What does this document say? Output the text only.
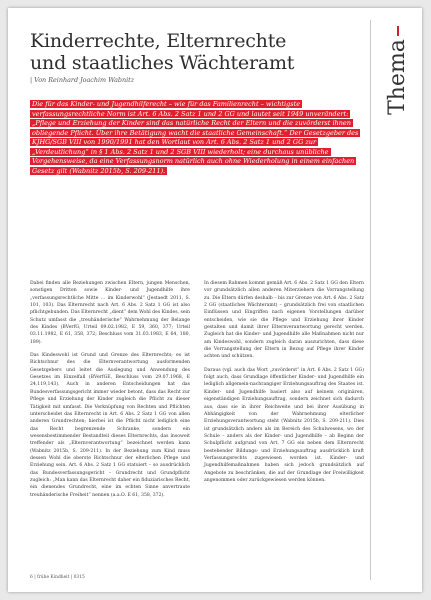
Kinderrechte, Elternrechte
und staatliches Wächteramt
| Von Reinhard Joachim Wabnitz	Thema
Die für das Kinder- und Jugendhilferecht – wie für das Familienrecht – wichtigste verfassungsrechtliche Norm ist Art. 6 Abs. 2 Satz 1 und 2 GG und lautet seit 1949 unverändert: „Pflege und Erziehung der Kinder sind das natürliche Recht der Eltern und die zuvörderst ihnen obliegende Pflicht. Über ihre Betätigung wacht die staatliche Gemeinschaft.“ Der Gesetzgeber des KJHG/SGB VIII von 1990/1991 hat den Wortlaut von Art. 6 Abs. 2 Satz 1 und 2 GG zur „Verdeutlichung“ in § 1 Abs. 2 Satz 1 und 2 SGB VIII wiederholt; eine durchaus unübliche Vorgehensweise, da eine Verfassungsnorm natürlich auch ohne Wiederholung in einem einfachen Gesetz gilt (Wabnitz 2015b, S. 209-211).

Dabei finden alle Beziehungen zwischen Eltern, jungen Menschen, sonstigen Dritten sowie Kinder- und Jugendhilfe ihre „verfassungsrechtliche Mitte … im Kinderwohl“ (Jestaedt 2011, S. 101, 103). Das Elternrecht nach Art. 6 Abs. 2 Satz 1 GG ist also pflichtgebunden. Das Elternrecht „dient“ dem Wohl des Kindes, sein Schutz umfasst die „treuhänderische“ Wahrnehmung der Belange des Kindes (BVerfG, Urteil 09.02.1982, E 59, 360, 377; Urteil 03.11.1982, E 61, 358, 372; Beschluss vom 31.03.1983, E 64, 180, 189).

Das Kindeswohl ist Grund und Grenze des Elternrechts; es ist Richtschnur des die Elternverantwortung ausformenden Gesetzgebers und leitet die Auslegung und Anwendung des Gesetzes im Einzelfall (BVerfGE, Beschluss vom 29.07.1968, E 24,119,143). Auch in anderen Entscheidungen hat das Bundesverfassungsgericht immer wieder betont, dass das Recht zur Pflege und Erziehung der Kinder zugleich die Pflicht zu dieser Tätigkeit mit umfasst. Die Verknüpfung von Rechten und Pflichten unterscheidet das Elternrecht in Art. 6 Abs. 2 Satz 1 GG von allen anderen Grundrechten; hierbei ist die Pflicht nicht lediglich eine das Recht begrenzende Schranke, sondern ein wesensbestimmender Bestandteil dieses Elternrechts, das insoweit treffender als „Elternverantwortung“ bezeichnet werden kann (Wabnitz 2015b, S. 209-211). In der Beziehung zum Kind muss dessen Wohl die oberste Richtschnur der elterlichen Pflege und Erziehung sein. Art. 6 Abs. 2 Satz 1 GG statuiert – so ausdrücklich das Bundesverfassungsgericht – Grundrecht und Grundpflicht zugleich: „Man kann das Elternrecht daher ein fiduziarisches Recht, ein dienendes Grundrecht, eine im echten Sinne anvertraute treuhänderische Freiheit“ nennen (a.a.O. E 61, 358, 372).

In diesem Rahmen kommt gemäß Art. 6 Abs. 2 Satz 1 GG den Eltern vor grundsätzlich allen anderen Miterziehern die Vorrangstellung zu. Die Eltern dürfen deshalb – bis zur Grenze von Art. 6 Abs. 2 Satz 2 GG (staatliches Wächteramt) – grundsätzlich frei von staatlichen Einflüssen und Eingriffen nach eigenen Vorstellungen darüber entscheiden, wie sie die Pflege und Erziehung ihrer Kinder gestalten und damit ihrer Elternverantwortung gerecht werden. Zugleich hat die Kinder- und Jugendhilfe alle Maßnahmen nicht nur am Kindeswohl, sondern zugleich daran auszurichten, dass diese die Vorrangstellung der Eltern in Bezug auf Pflege ihrer Kinder achten und schützen.

Daraus (vgl. auch das Wort „zuvörderst“ in Art. 6 Abs. 2 Satz 1 GG) folgt auch, dass Grundlage öffentlicher Kinder- und Jugendhilfe ein lediglich allgemein-nachrangiger Erziehungsauftrag des Staates ist. Kinder- und Jugendhilfe basiert also auf keinem originären, eigenständigen Erziehungsauftrag, sondern zeichnet sich dadurch aus, dass sie in ihrer Reichweite und bei ihrer Ausübung in Abhängigkeit von der Wahrnehmung elterlicher Erziehungsverantwortung steht (Wabnitz 2015b, S. 209-211). Dies ist grundsätzlich anders als im Bereich des Schulwesens, wo der Schule – anders als der Kinder- und Jugendhilfe – ab Beginn der Schulpflicht aufgrund von Art. 7 GG ein neben dem Elternrecht bestehender Bildungs- und Erziehungsauftrag ausdrücklich kraft Verfassungsrechts zugewiesen worden ist. Kinder- und Jugendhilfemaßnahmen haben sich jedoch grundsätzlich auf Angebote zu beschränken, die auf der Grundlage der Freiwilligkeit angenommen oder zurückgewiesen werden können.

6 | frühe Kindheit | 0315
